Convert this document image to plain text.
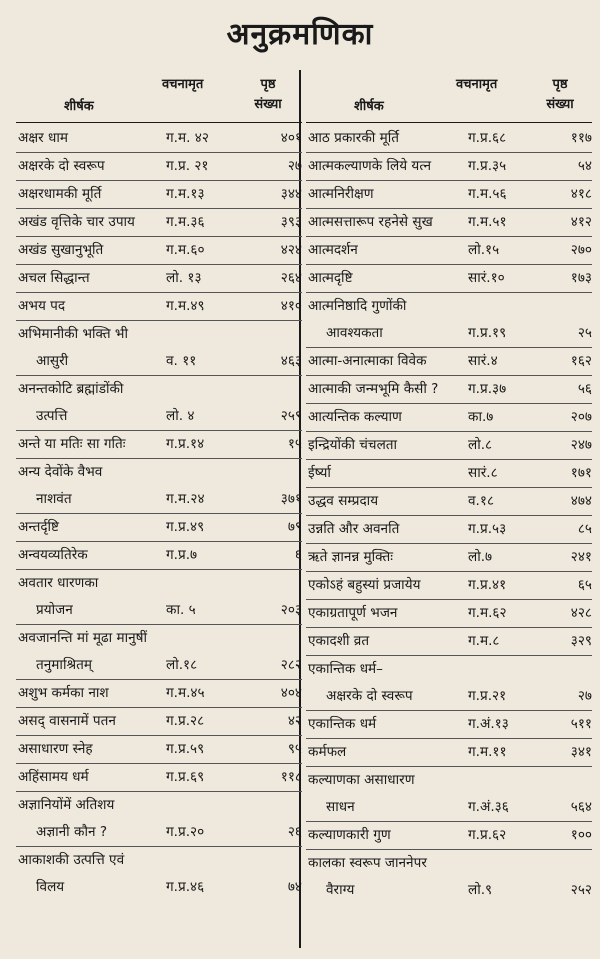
अनुक्रमणिका
वचनामृत	पृष्ठ
संख्या
शीर्षक
अक्षर धाम	ग.म. ४२	४०१
अक्षरके दो स्वरूप	ग.प्र. २१	२७
अक्षरधामकी मूर्ति	ग.म.१३	३४४
अखंड वृत्तिके चार उपाय ग.म.३६	३९३
अखंड सुखानुभूति	ग.म.६०	४२४
अचल सिद्धान्त	लो. १३	२६४
अभय पद	ग.म.४९	४१०
अभिमानीकी भक्ति भी
आसुरी	व. ११	४६३
अनन्तकोटि ब्रह्मांडोंकी
उत्पत्ति	लो. ४	२५९
अन्ते या मतिः सा गतिः	ग.प्र.१४	१५
अन्य देवोंके वैभव
नाशवंत	ग.म.२४	३७१
अन्तर्दृष्टि	ग.प्र.४९	७९
अन्वयव्यतिरेक	ग.प्र.७	६
अवतार धारणका
प्रयोजन	का. ५	२०३
अवजानन्ति मां मूढा मानुषीं
तनुमाश्रितम्	लो.१८	२८२
अशुभ कर्मका नाश	ग.म.४५	४०४
असद् वासनामें पतन	ग.प्र.२८	४२
असाधारण स्नेह	ग.प्र.५९	९५
अहिंसामय धर्म	ग.प्र.६९	११८
अज्ञानियोंमें अतिशय
अज्ञानी कौन ?	ग.प्र.२०	२६
आकाशकी उत्पत्ति एवं
विलय	ग.प्र.४६	७४
वचनामृत	पृष्ठ
संख्या
शीर्षक
आठ प्रकारकी मूर्ति	ग.प्र.६८	११७
आत्मकल्याणके लिये यत्न	ग.प्र.३५	५४
आत्मनिरीक्षण	ग.म.५६	४१८
आत्मसत्तारूप रहनेसे सुख	ग.म.५१	४१२
आत्मदर्शन	लो.१५	२७०
आत्मदृष्टि	सारं.१०	१७३
आत्मनिष्ठादि गुणोंकी
आवश्यकता	ग.प्र.१९	२५
आत्मा-अनात्माका विवेक	सारं.४	१६२
आत्माकी जन्मभूमि कैसी ? ग.प्र.३७	५६
आत्यन्तिक कल्याण	का.७	२०७
इन्द्रियोंकी चंचलता	लो.८	२४७
ईर्ष्या	सारं.८	१७१
उद्धव सम्प्रदाय	व.१८	४७४
उन्नति और अवनति	ग.प्र.५३	८५
ऋते ज्ञानन्न मुक्तिः	लो.७	२४१
एकोऽहं बहुस्यां प्रजायेय	ग.प्र.४१	६५
एकाग्रतापूर्ण भजन	ग.म.६२	४२८
एकादशी व्रत	ग.म.८	३२९
एकान्तिक धर्म–
अक्षरके दो स्वरूप	ग.प्र.२१	२७
एकान्तिक धर्म	ग.अं.१३	५११
कर्मफल	ग.म.११	३४१
कल्याणका असाधारण
साधन	ग.अं.३६	५६४
कल्याणकारी गुण	ग.प्र.६२	१००
कालका स्वरूप जाननेपर
वैराग्य	लो.९	२५२
